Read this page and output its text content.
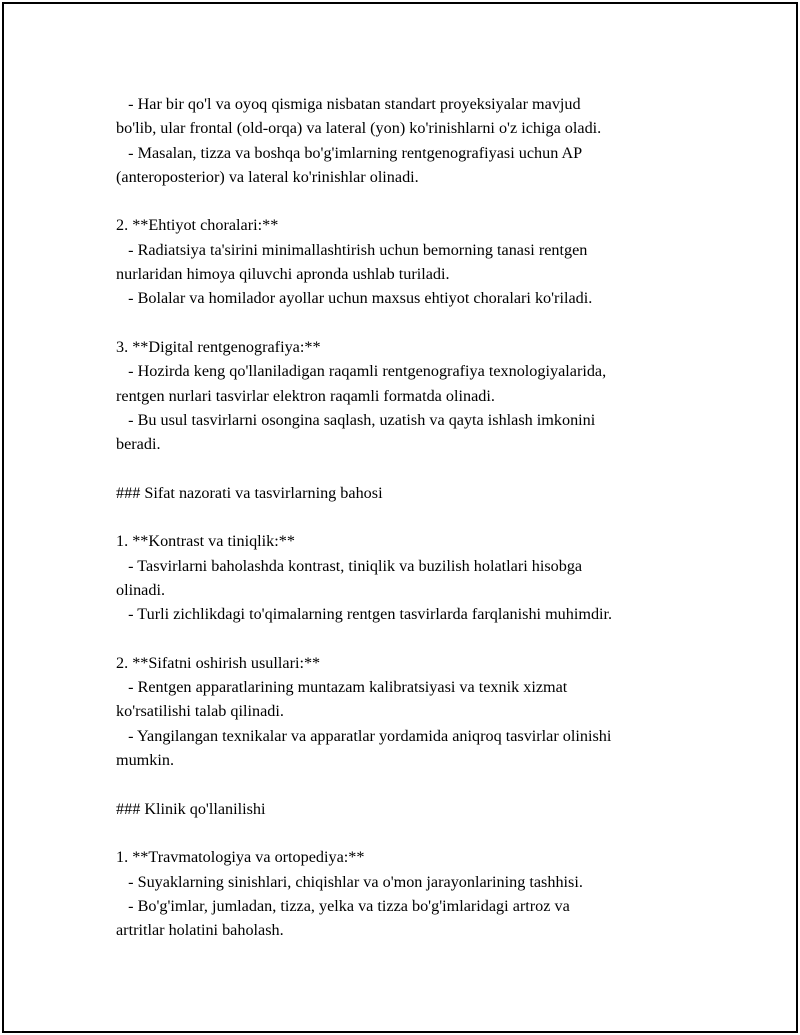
- Har bir qo'l va oyoq qismiga nisbatan standart proyeksiyalar mavjud

bo'lib, ular frontal (old-orqa) va lateral (yon) ko'rinishlarni o'z ichiga oladi.

- Masalan, tizza va boshqa bo'g'imlarning rentgenografiyasi uchun AP

(anteroposterior) va lateral ko'rinishlar olinadi.

2. **Ehtiyot choralari:**

- Radiatsiya ta'sirini minimallashtirish uchun bemorning tanasi rentgen

nurlaridan himoya qiluvchi apronda ushlab turiladi.

- Bolalar va homilador ayollar uchun maxsus ehtiyot choralari ko'riladi.

3. **Digital rentgenografiya:**

- Hozirda keng qo'llaniladigan raqamli rentgenografiya texnologiyalarida,

rentgen nurlari tasvirlar elektron raqamli formatda olinadi.

- Bu usul tasvirlarni osongina saqlash, uzatish va qayta ishlash imkonini

beradi.

### Sifat nazorati va tasvirlarning bahosi

1. **Kontrast va tiniqlik:**

- Tasvirlarni baholashda kontrast, tiniqlik va buzilish holatlari hisobga

olinadi.

- Turli zichlikdagi to'qimalarning rentgen tasvirlarda farqlanishi muhimdir.

2. **Sifatni oshirish usullari:**

- Rentgen apparatlarining muntazam kalibratsiyasi va texnik xizmat

ko'rsatilishi talab qilinadi.

- Yangilangan texnikalar va apparatlar yordamida aniqroq tasvirlar olinishi

mumkin.

### Klinik qo'llanilishi

1. **Travmatologiya va ortopediya:**

- Suyaklarning sinishlari, chiqishlar va o'mon jarayonlarining tashhisi.

- Bo'g'imlar, jumladan, tizza, yelka va tizza bo'g'imlaridagi artroz va

artritlar holatini baholash.
